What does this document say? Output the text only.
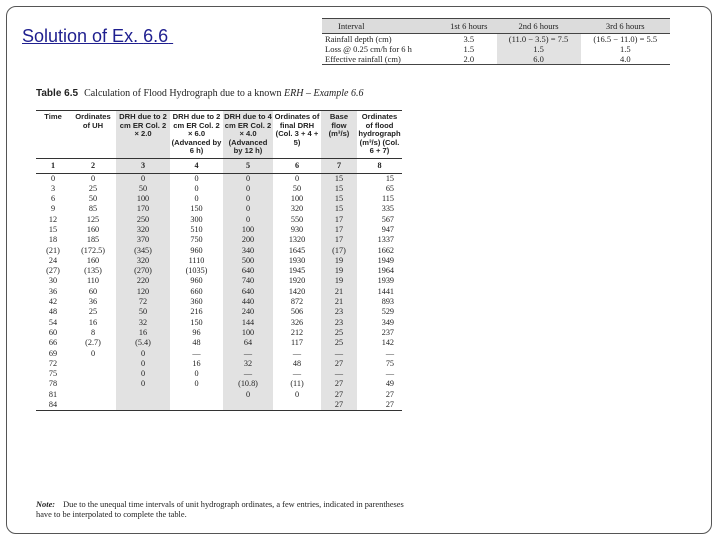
Solution of Ex. 6.6	Interval	1st 6 hours	2nd 6 hours	3rd 6 hours
Rainfall depth (cm)	3.5	(11.0 − 3.5) = 7.5	(16.5 − 11.0) = 5.5
Loss @ 0.25 cm/h for 6 h	1.5	1.5	1.5
Effective rainfall (cm)	2.0	6.0	4.0
Table 6.5 Calculation of Flood Hydrograph due to a known ERH – Example 6.6
Time	Ordinates of UH	DRH due to 2 cm ER Col. 2 × 2.0	DRH due to 2 cm ER Col. 2 × 6.0 (Advanced by 6 h)	DRH due to 4 cm ER Col. 2 × 4.0 (Advanced by 12 h)	Ordinates of final DRH (Col. 3 + 4 + 5)	Base flow (m³/s)	Ordinates of flood hydrograph (m³/s) (Col. 6 + 7)
1	2	3	4	5	6	7	8
0	0	0	0	0	0	15	15
3	25	50	0	0	50	15	65
6	50	100	0	0	100	15	115
9	85	170	150	0	320	15	335
12	125	250	300	0	550	17	567
15	160	320	510	100	930	17	947
18	185	370	750	200	1320	17	1337
(21)	(172.5)	(345)	960	340	1645	(17)	1662
24	160	320	1110	500	1930	19	1949
(27)	(135)	(270)	(1035)	640	1945	19	1964
30	110	220	960	740	1920	19	1939
36	60	120	660	640	1420	21	1441
42	36	72	360	440	872	21	893
48	25	50	216	240	506	23	529
54	16	32	150	144	326	23	349
60	8	16	96	100	212	25	237
66	(2.7)	(5.4)	48	64	117	25	142
69	0	0	—	—	—	—	—
72		0	16	32	48	27	75
75		0	0	—	—	—	—
78		0	0	(10.8)	(11)	27	49
81				0	0	27	27
84						27	27
Note: Due to the unequal time intervals of unit hydrograph ordinates, a few entries, indicated in parentheses have to be interpolated to complete the table.
